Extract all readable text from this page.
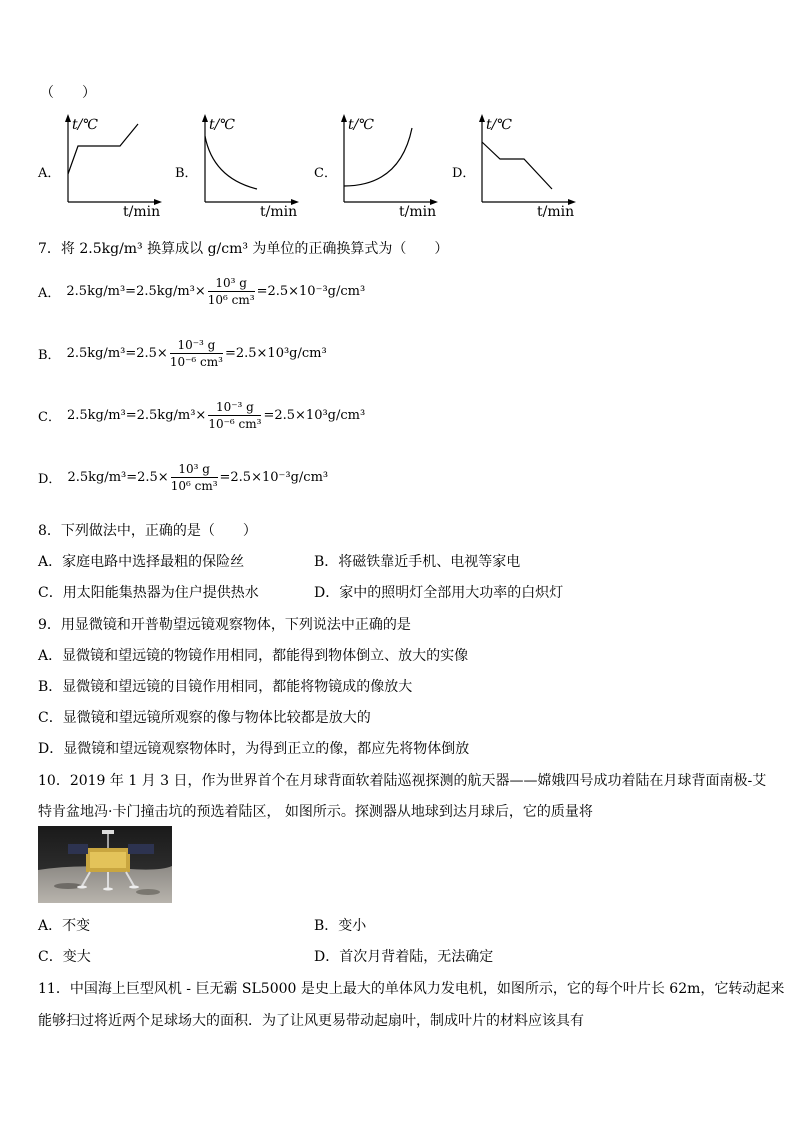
（　　）
A．
t/℃
t/min
B．
t/℃
t/min
C．
t/℃
t/min
D．
t/℃
t/min
7．将 2.5kg/m³ 换算成以 g/cm³ 为单位的正确换算式为（　　）
A． $2.5kg/m^3=2.5kg/m^3\times \frac{\text{10³ g}}{\text{10⁶ cm³}} =2.5\times 10^{-3}g/cm^3$
B． $2.5kg/m^3=2.5\times \frac{\text{10⁻³ g}}{\text{10⁻⁶ cm³}} =2.5\times 10^3g/cm^3$
C． $2.5kg/m^3=2.5kg/m^3\times \frac{\text{10⁻³ g}}{\text{10⁻⁶ cm³}} =2.5\times 10^3g/cm^3$
D． $2.5kg/m^3=2.5\times \frac{\text{10³ g}}{\text{10⁶ cm³}} =2.5\times 10^{-3}g/cm^3$
8．下列做法中，正确的是（　　）
A．家庭电路中选择最粗的保险丝	B．将磁铁靠近手机、电视等家电
C．用太阳能集热器为住户提供热水	D．家中的照明灯全部用大功率的白炽灯
9．用显微镜和开普勒望远镜观察物体，下列说法中正确的是
A．显微镜和望远镜的物镜作用相同，都能得到物体倒立、放大的实像
B．显微镜和望远镜的目镜作用相同，都能将物镜成的像放大
C．显微镜和望远镜所观察的像与物体比较都是放大的
D．显微镜和望远镜观察物体时，为得到正立的像，都应先将物体倒放
10．2019 年 1 月 3 日，作为世界首个在月球背面软着陆巡视探测的航天器——嫦娥四号成功着陆在月球背面南极-艾
特肯盆地冯·卡门撞击坑的预选着陆区， 如图所示。探测器从地球到达月球后，它的质量将
A．不变	B．变小
C．变大	D．首次月背着陆，无法确定
11．中国海上巨型风机 - 巨无霸 SL5000 是史上最大的单体风力发电机，如图所示，它的每个叶片长 62m，它转动起来
能够扫过将近两个足球场大的面积．为了让风更易带动起扇叶，制成叶片的材料应该具有
